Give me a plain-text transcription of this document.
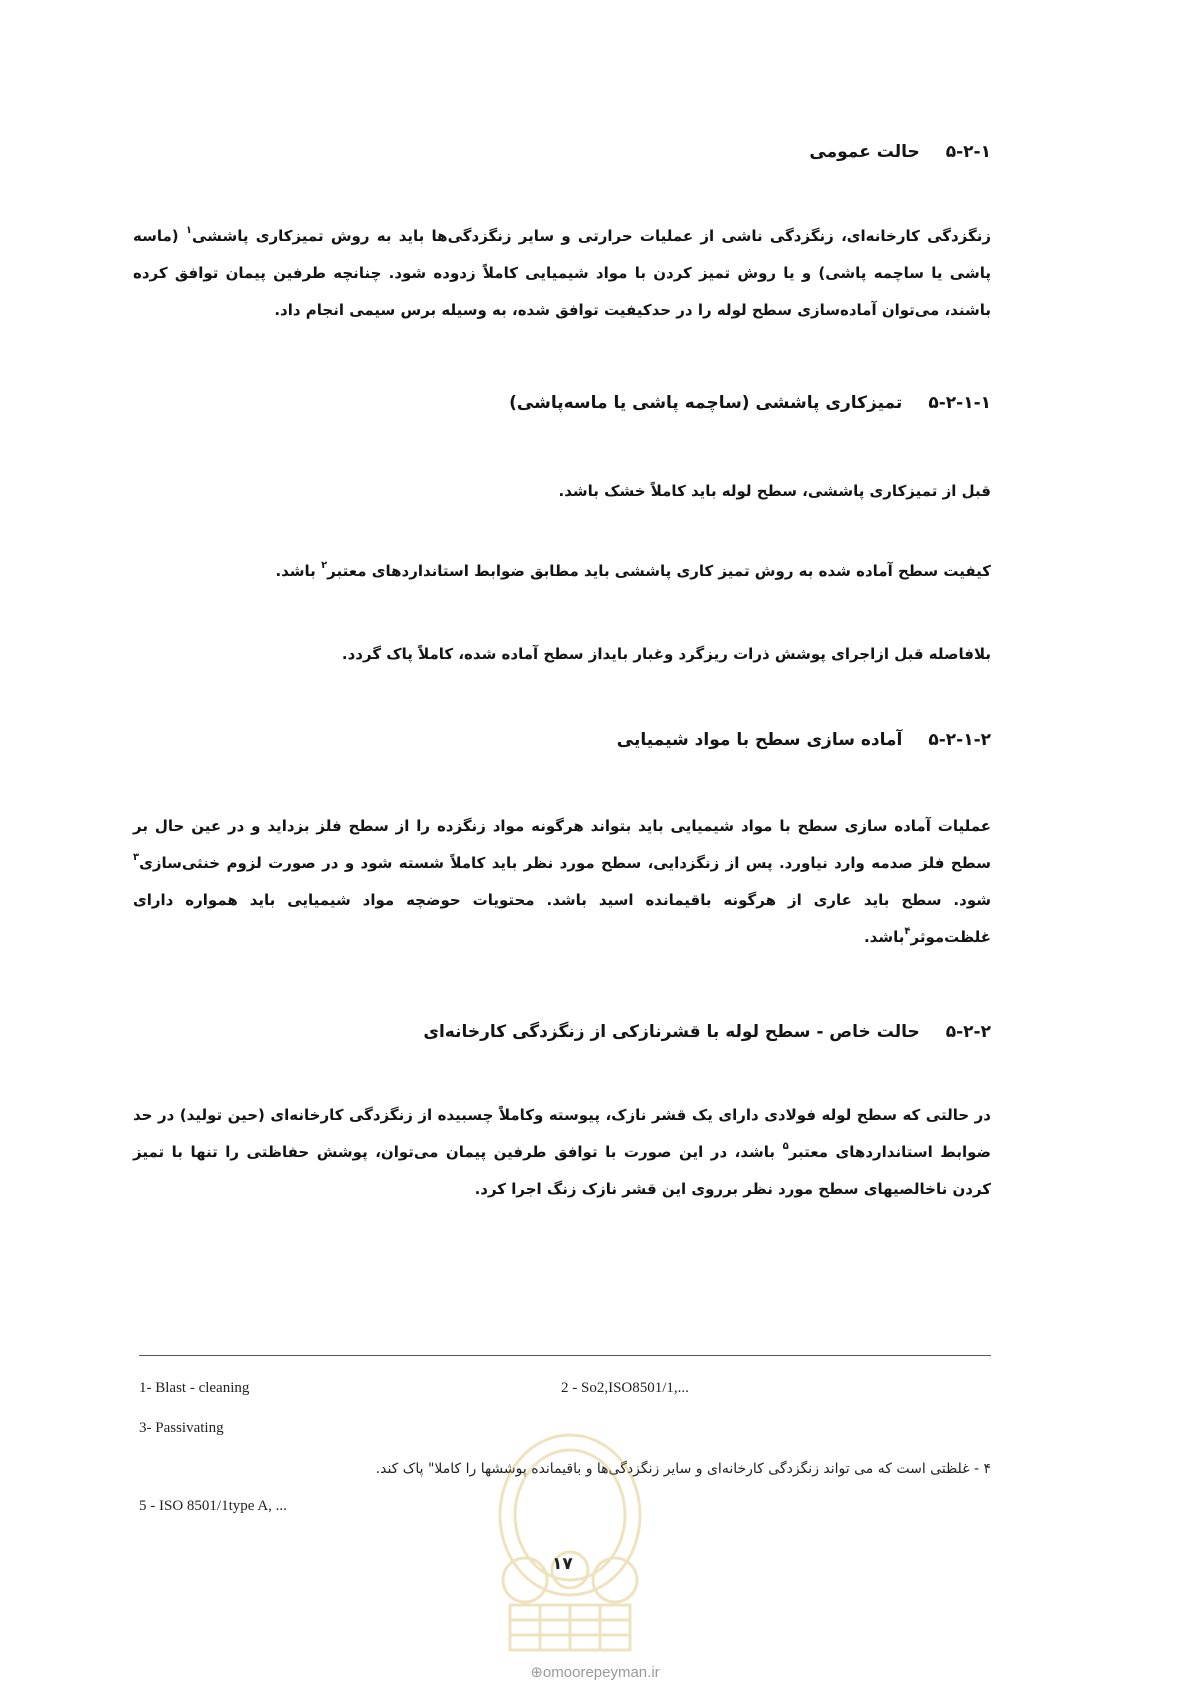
۵-۲-۱حالت عمومی
زنگزدگی کارخانه‌ای، زنگزدگی ناشی از عملیات حرارتی و سایر زنگزدگی‌ها باید به روش تمیزکاری پاششی$^۱$ (ماسه پاشی یا ساچمه پاشی) و یا روش تمیز کردن با مواد شیمیایی کاملاً زدوده شود. چنانچه طرفین پیمان توافق کرده باشند، می‌توان آماده‌سازی سطح لوله را در حدکیفیت توافق شده، به وسیله برس سیمی انجام داد.
۵-۲-۱-۱تمیزکاری پاششی (ساچمه پاشی یا ماسه‌پاشی)
قبل از تمیزکاری پاششی، سطح لوله باید کاملاً خشک باشد.
کیفیت سطح آماده شده به روش تمیز کاری پاششی باید مطابق ضوابط استانداردهای معتبر$^۲$ باشد.
بلافاصله قبل ازاجرای پوشش ذرات ریزگرد وغبار بایداز سطح آماده شده، کاملاً پاک گردد.
۵-۲-۱-۲آماده سازی سطح با مواد شیمیایی
عملیات آماده سازی سطح با مواد شیمیایی باید بتواند هرگونه مواد زنگزده را از سطح فلز بزداید و در عین حال بر سطح فلز صدمه وارد نیاورد. پس از زنگزدایی، سطح مورد نظر باید کاملاً شسته شود و در صورت لزوم خنثی‌سازی$^۳$ شود. سطح باید عاری از هرگونه باقیمانده اسید باشد. محتویات حوضچه مواد شیمیایی باید همواره دارای غلظت‌موثر$^۴$باشد.
۵-۲-۲حالت خاص - سطح لوله با قشرنازکی از زنگزدگی کارخانه‌ای
در حالتی که سطح لوله فولادی دارای یک قشر نازک، پیوسته وکاملاً چسبیده از زنگزدگی کارخانه‌ای (حین تولید) در حد ضوابط استانداردهای معتبر$^۵$ باشد، در این صورت با توافق طرفین پیمان می‌توان، پوشش حفاظتی را تنها با تمیز کردن ناخالصیهای سطح مورد نظر برروی این قشر نازک زنگ اجرا کرد.
1- Blast - cleaning	2 - So2,ISO8501/1,...
3- Passivating
۴ - غلظتی است که می تواند زنگزدگی کارخانه‌ای و سایر زنگزدگی‌ها و باقیمانده پوششها را کاملا" پاک کند.
5 - ISO 8501/1type A, ...
۱۷
⊕omoorepeyman.ir
